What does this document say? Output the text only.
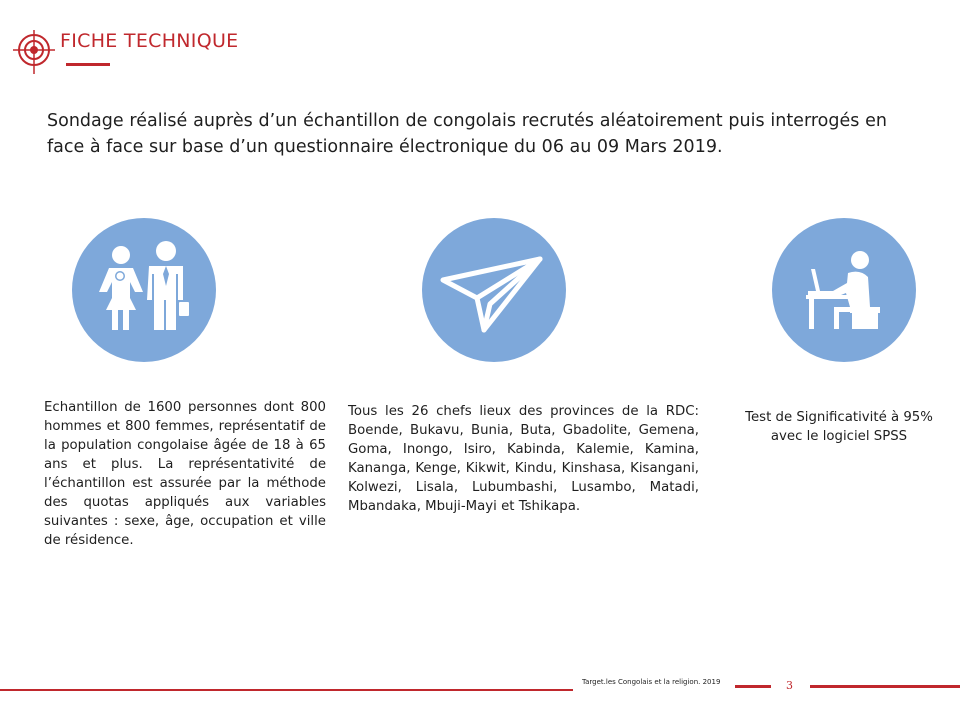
FICHE TECHNIQUE
Sondage réalisé auprès d’un échantillon de congolais recrutés aléatoirement puis interrogés en face à face sur base d’un questionnaire électronique du 06 au 09 Mars 2019.
Echantillon de 1600 personnes dont 800 hommes et 800 femmes, représentatif de la population congolaise âgée de 18 à 65 ans et plus. La représentativité de l’échantillon est assurée par la méthode des quotas appliqués aux variables suivantes : sexe, âge, occupation et ville de résidence.
Tous les 26 chefs lieux des provinces de la RDC: Boende, Bukavu, Bunia, Buta, Gbadolite, Gemena, Goma, Inongo, Isiro, Kabinda, Kalemie, Kamina, Kananga, Kenge, Kikwit, Kindu, Kinshasa, Kisangani, Kolwezi, Lisala, Lubumbashi, Lusambo, Matadi, Mbandaka, Mbuji-Mayi et Tshikapa.
Test de Significativité à 95% avec le logiciel SPSS
Target.les Congolais et la religion. 2019	3
